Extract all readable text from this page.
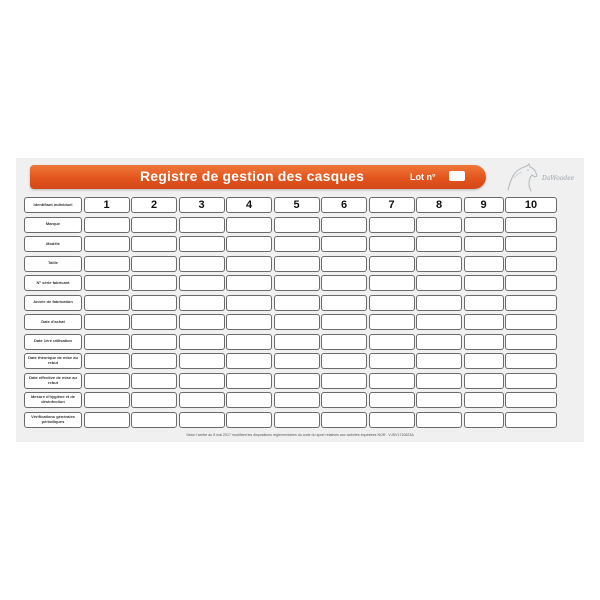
Registre de gestion des casques	Lot n°	DaWoodee
Identifiant individuel	1	2	3	4	5	6	7	8	9	10
Marque
Modèle
Taille
N° série fabricant
Année de fabrication
Date d'achat
Date 1ère utilisation
Date théorique de mise au rebut
Date effective de mise au rebut
Mesure d'hygiène et de désinfection
Vérifications générales périodiques
Selon l'arrêté du 5 mai 2017 modifiant les dispositions réglementaires du code du sport relatives aux activités équestres NOR : VJSV1710823A
